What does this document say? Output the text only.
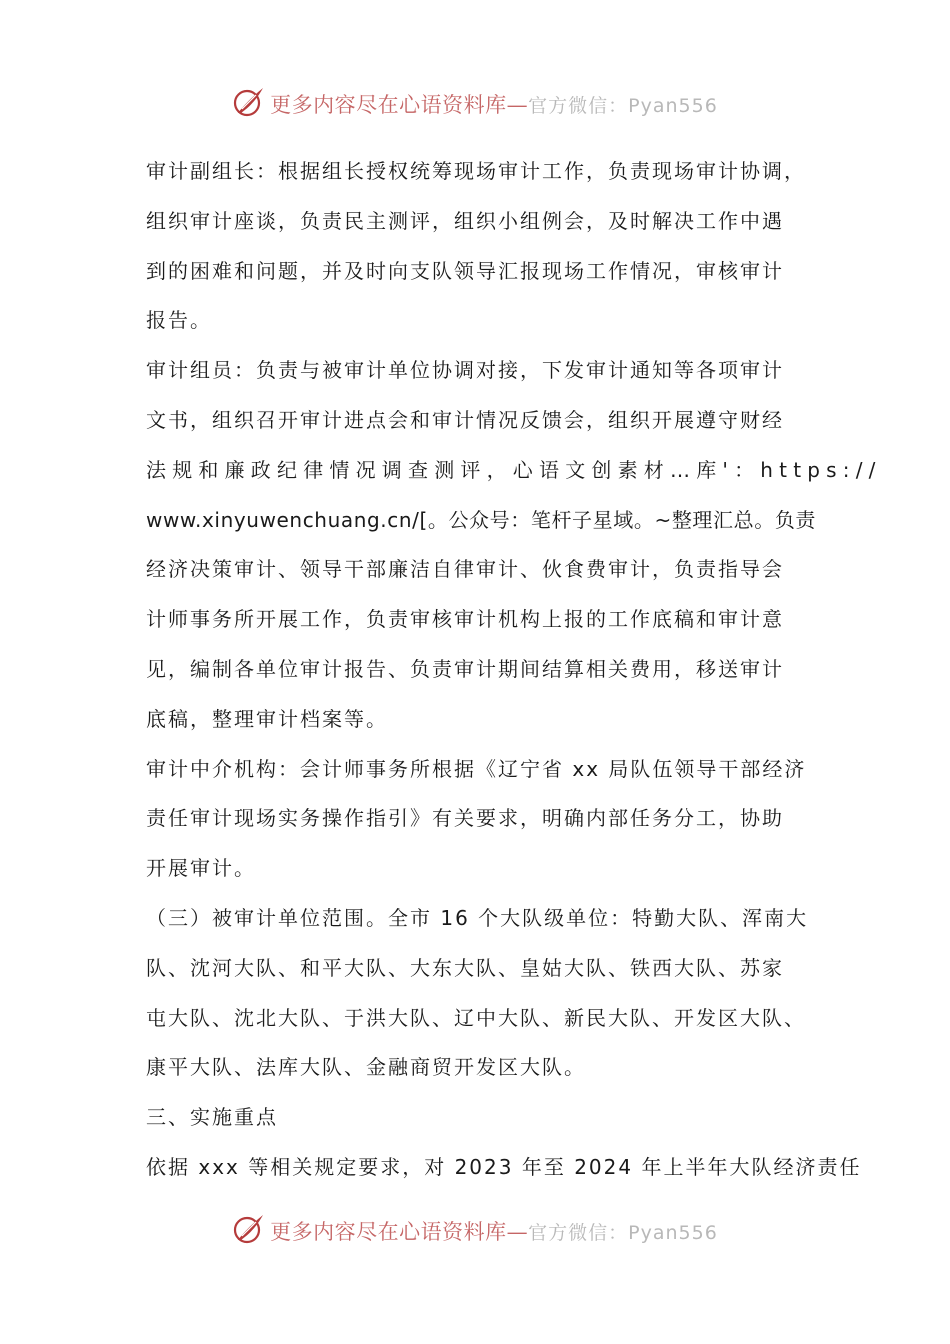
更多内容尽在心语资料库— 官方微信：Pyan556
审计副组长：根据组长授权统筹现场审计工作，负责现场审计协调，
组织审计座谈，负责民主测评，组织小组例会，及时解决工作中遇
到的困难和问题，并及时向支队领导汇报现场工作情况，审核审计
报告。
审计组员：负责与被审计单位协调对接，下发审计通知等各项审计
文书，组织召开审计进点会和审计情况反馈会，组织开展遵守财经
法规和廉政纪律情况调查测评，心语文创素材…库'：https://
www.xinyuwenchuang.cn/[。公众号：笔杆子星域。~整理汇总。负责
经济决策审计、领导干部廉洁自律审计、伙食费审计，负责指导会
计师事务所开展工作，负责审核审计机构上报的工作底稿和审计意
见，编制各单位审计报告、负责审计期间结算相关费用，移送审计
底稿，整理审计档案等。
审计中介机构：会计师事务所根据《辽宁省 xx 局队伍领导干部经济
责任审计现场实务操作指引》有关要求，明确内部任务分工，协助
开展审计。
（三）被审计单位范围。全市 16 个大队级单位：特勤大队、浑南大
队、沈河大队、和平大队、大东大队、皇姑大队、铁西大队、苏家
屯大队、沈北大队、于洪大队、辽中大队、新民大队、开发区大队、
康平大队、法库大队、金融商贸开发区大队。
三、实施重点
依据 xxx 等相关规定要求，对 2023 年至 2024 年上半年大队经济责任
更多内容尽在心语资料库— 官方微信：Pyan556
